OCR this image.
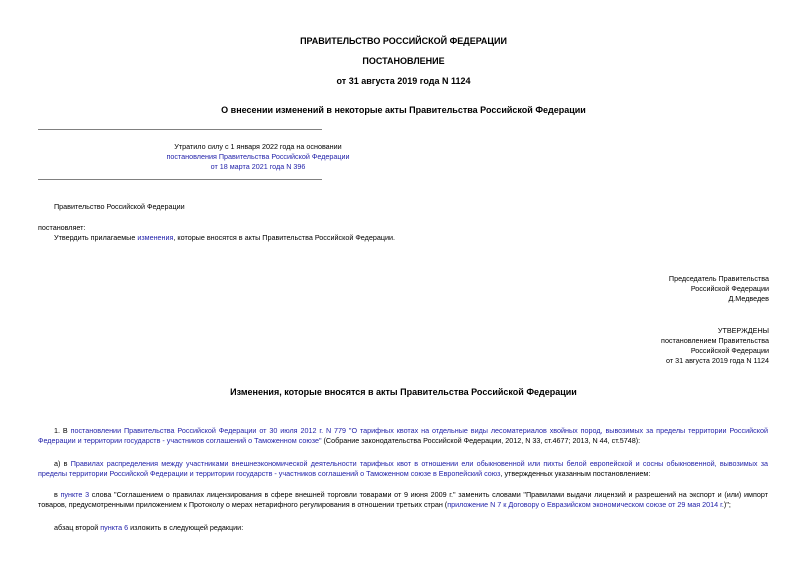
ПРАВИТЕЛЬСТВО РОССИЙСКОЙ ФЕДЕРАЦИИ
ПОСТАНОВЛЕНИЕ
от 31 августа 2019 года N 1124
О внесении изменений в некоторые акты Правительства Российской Федерации
Утратило силу с 1 января 2022 года на основании
постановления Правительства Российской Федерации
от 18 марта 2021 года N 396
Правительство Российской Федерации
постановляет:
Утвердить прилагаемые изменения, которые вносятся в акты Правительства Российской Федерации.
Председатель Правительства
Российской Федерации
Д.Медведев
УТВЕРЖДЕНЫ
постановлением Правительства
Российской Федерации
от 31 августа 2019 года N 1124
Изменения, которые вносятся в акты Правительства Российской Федерации
1. В постановлении Правительства Российской Федерации от 30 июля 2012 г. N 779 "О тарифных квотах на отдельные виды лесоматериалов хвойных пород, вывозимых за пределы территории Российской Федерации и территории государств - участников соглашений о Таможенном союзе" (Собрание законодательства Российской Федерации, 2012, N 33, ст.4677; 2013, N 44, ст.5748):
а) в Правилах распределения между участниками внешнеэкономической деятельности тарифных квот в отношении ели обыкновенной или пихты белой европейской и сосны обыкновенной, вывозимых за пределы территории Российской Федерации и территории государств - участников соглашений о Таможенном союзе в Европейский союз, утвержденных указанным постановлением:
в пункте 3 слова "Соглашением о правилах лицензирования в сфере внешней торговли товарами от 9 июня 2009 г." заменить словами "Правилами выдачи лицензий и разрешений на экспорт и (или) импорт товаров, предусмотренными приложением к Протоколу о мерах нетарифного регулирования в отношении третьих стран (приложение N 7 к Договору о Евразийском экономическом союзе от 29 мая 2014 г.)";
абзац второй пункта 6 изложить в следующей редакции:
